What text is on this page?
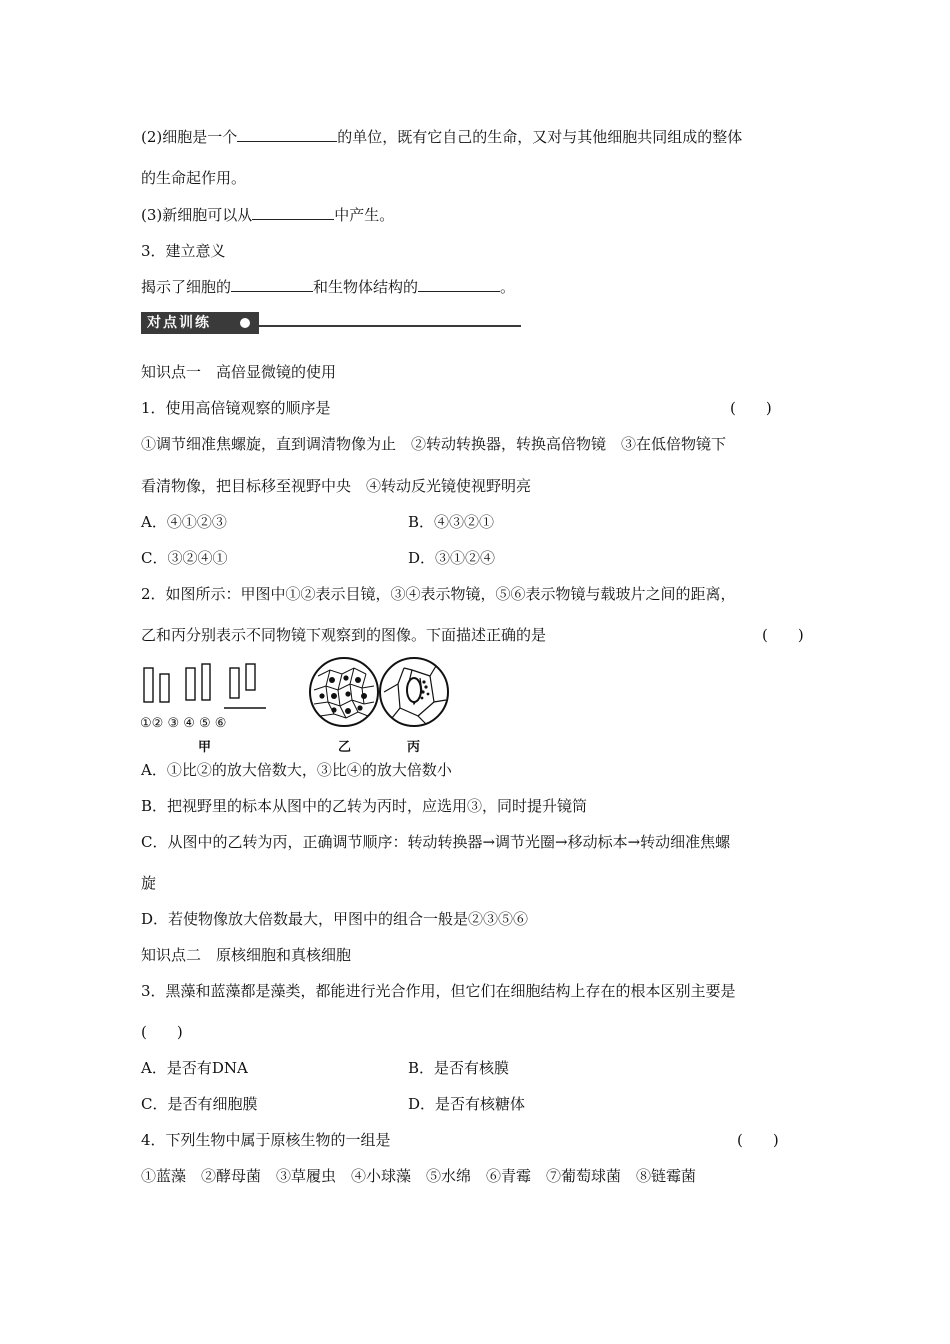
(2)细胞是一个	的单位，既有它自己的生命，又对与其他细胞共同组成的整体
的生命起作用。
(3)新细胞可以从	中产生。
3．建立意义
揭示了细胞的	和生物体结构的	。
对点训练
知识点一　高倍显微镜的使用
1．使用高倍镜观察的顺序是	(　　)
①调节细准焦螺旋，直到调清物像为止　②转动转换器，转换高倍物镜　③在低倍物镜下
看清物像，把目标移至视野中央　④转动反光镜使视野明亮
A．④①②③	B．④③②①
C．③②④①	D．③①②④
2．如图所示：甲图中①②表示目镜，③④表示物镜，⑤⑥表示物镜与载玻片之间的距离，
乙和丙分别表示不同物镜下观察到的图像。下面描述正确的是	(　　)
①② ③ ④ ⑤ ⑥
甲	乙	丙
A．①比②的放大倍数大，③比④的放大倍数小
B．把视野里的标本从图中的乙转为丙时，应选用③，同时提升镜筒
C．从图中的乙转为丙，正确调节顺序：转动转换器→调节光圈→移动标本→转动细准焦螺
旋
D．若使物像放大倍数最大，甲图中的组合一般是②③⑤⑥
知识点二　原核细胞和真核细胞
3．黑藻和蓝藻都是藻类，都能进行光合作用，但它们在细胞结构上存在的根本区别主要是
(　　)
A．是否有DNA	B．是否有核膜
C．是否有细胞膜	D．是否有核糖体
4．下列生物中属于原核生物的一组是	(　　)
①蓝藻　②酵母菌　③草履虫　④小球藻　⑤水绵　⑥青霉　⑦葡萄球菌　⑧链霉菌
